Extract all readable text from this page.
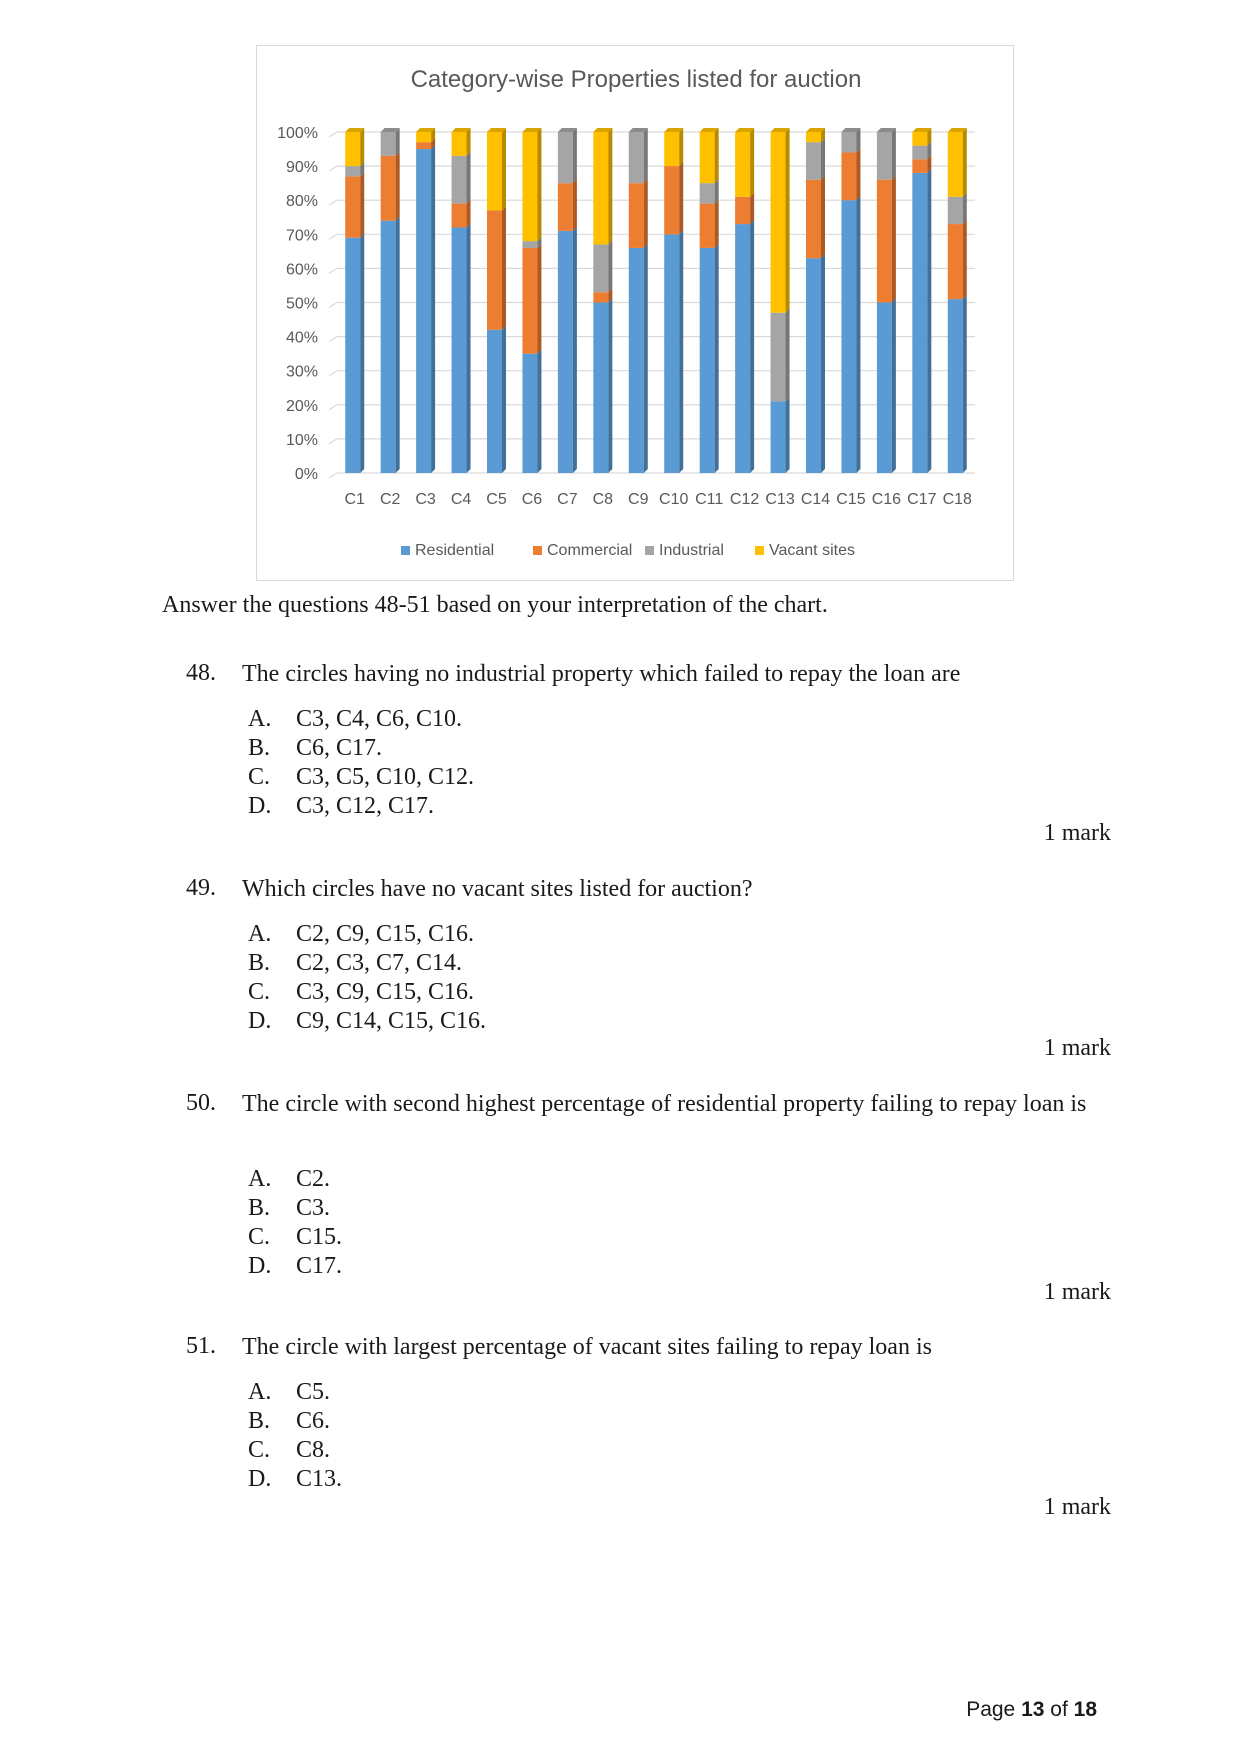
Category-wise Properties listed for auction
0%
10%
20%
30%
40%
50%
60%
70%
80%
90%
100%
C1 C2 C3 C4 C5 C6 C7 C8 C9 C10 C11 C12 C13 C14 C15 C16 C17 C18
Residential	Commercial Industrial	Vacant sites
Answer the questions 48-51 based on your interpretation of the chart.
48. The circles having no industrial property which failed to repay the loan are
A. C3, C4, C6, C10.
B. C6, C17.
C. C3, C5, C10, C12.
D. C3, C12, C17.
1 mark
49. Which circles have no vacant sites listed for auction?
A. C2, C9, C15, C16.
B. C2, C3, C7, C14.
C. C3, C9, C15, C16.
D. C9, C14, C15, C16.
1 mark
50. The circle with second highest percentage of residential property failing to repay loan is
A. C2.
B. C3.
C. C15.
D. C17.
1 mark
51. The circle with largest percentage of vacant sites failing to repay loan is
A. C5.
B. C6.
C. C8.
D. C13.
1 mark
Page 13 of 18
